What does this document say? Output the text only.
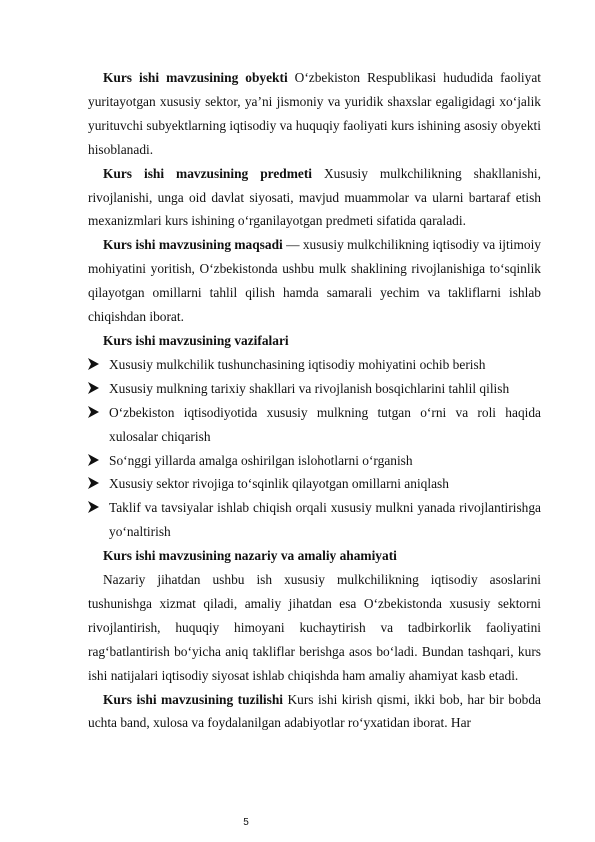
Kurs ishi mavzusining obyekti O‘zbekiston Respublikasi hududida faoliyat yuritayotgan xususiy sektor, ya’ni jismoniy va yuridik shaxslar egaligidagi xo‘jalik yurituvchi subyektlarning iqtisodiy va huquqiy faoliyati kurs ishining asosiy obyekti hisoblanadi.

Kurs ishi mavzusining predmeti Xususiy mulkchilikning shakllanishi, rivojlanishi, unga oid davlat siyosati, mavjud muammolar va ularni bartaraf etish mexanizmlari kurs ishining o‘rganilayotgan predmeti sifatida qaraladi.

Kurs ishi mavzusining maqsadi — xususiy mulkchilikning iqtisodiy va ijtimoiy mohiyatini yoritish, O‘zbekistonda ushbu mulk shaklining rivojlanishiga to‘sqinlik qilayotgan omillarni tahlil qilish hamda samarali yechim va takliflarni ishlab chiqishdan iborat.

Kurs ishi mavzusining vazifalari
Xususiy mulkchilik tushunchasining iqtisodiy mohiyatini ochib berish
Xususiy mulkning tarixiy shakllari va rivojlanish bosqichlarini tahlil qilish
O‘zbekiston iqtisodiyotida xususiy mulkning tutgan o‘rni va roli haqida xulosalar chiqarish
So‘nggi yillarda amalga oshirilgan islohotlarni o‘rganish
Xususiy sektor rivojiga to‘sqinlik qilayotgan omillarni aniqlash
Taklif va tavsiyalar ishlab chiqish orqali xususiy mulkni yanada rivojlantirishga yo‘naltirish
Kurs ishi mavzusining nazariy va amaliy ahamiyati

Nazariy jihatdan ushbu ish xususiy mulkchilikning iqtisodiy asoslarini tushunishga xizmat qiladi, amaliy jihatdan esa O‘zbekistonda xususiy sektorni rivojlantirish, huquqiy himoyani kuchaytirish va tadbirkorlik faoliyatini rag‘batlantirish bo‘yicha aniq takliflar berishga asos bo‘ladi. Bundan tashqari, kurs ishi natijalari iqtisodiy siyosat ishlab chiqishda ham amaliy ahamiyat kasb etadi.

Kurs ishi mavzusining tuzilishi Kurs ishi kirish qismi, ikki bob, har bir bobda uchta band, xulosa va foydalanilgan adabiyotlar ro‘yxatidan iborat. Har

5
